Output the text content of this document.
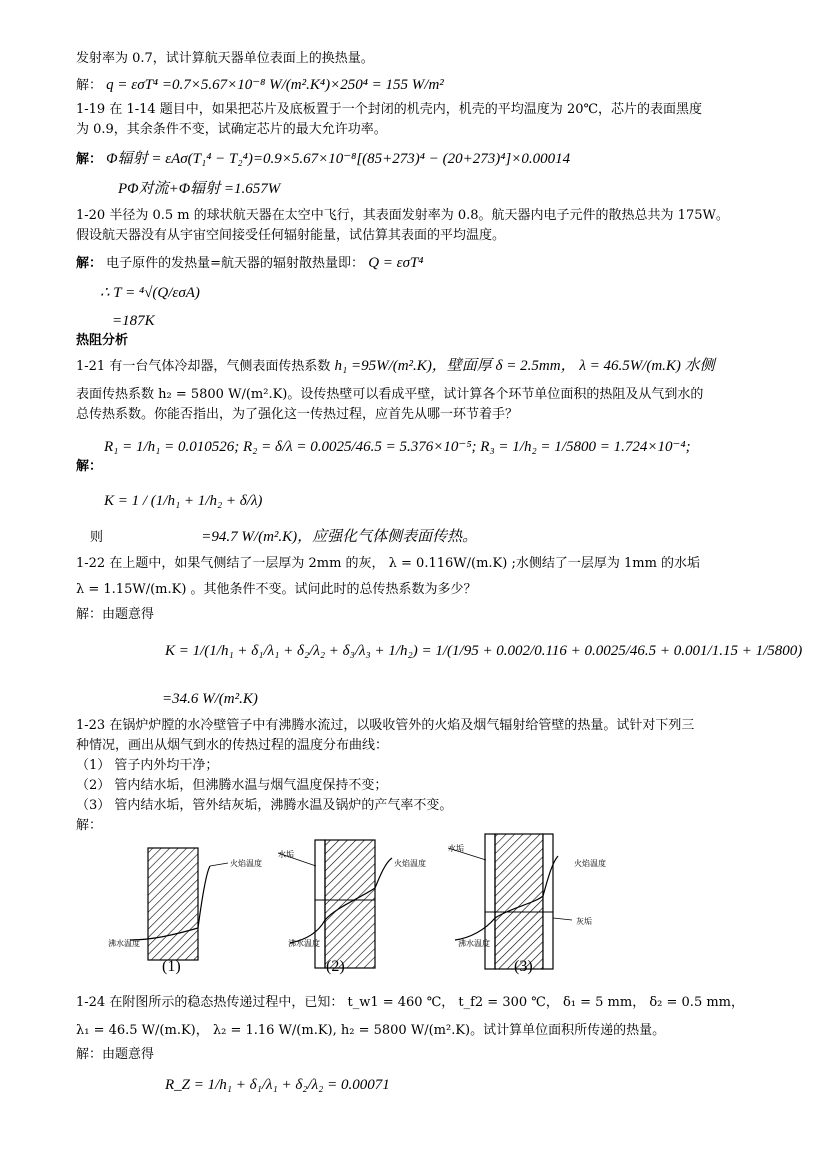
发射率为 0.7，试计算航天器单位表面上的换热量。
解： q = εσT⁴ =0.7×5.67×10⁻⁸ W/(m².K⁴)×250⁴ = 155 W/m²
1-19 在 1-14 题目中，如果把芯片及底板置于一个封闭的机壳内，机壳的平均温度为 20℃，芯片的表面黑度
为 0.9，其余条件不变，试确定芯片的最大允许功率。
解： Φ辐射 = εAσ(T₁⁴ − T₂⁴)=0.9×5.67×10⁻⁸[(85+273)⁴ − (20+273)⁴]×0.00014
PΦ对流+Φ辐射 =1.657W
1-20 半径为 0.5 m 的球状航天器在太空中飞行，其表面发射率为 0.8。航天器内电子元件的散热总共为 175W。
假设航天器没有从宇宙空间接受任何辐射能量，试估算其表面的平均温度。
解： 电子原件的发热量=航天器的辐射散热量即： Q = εσT⁴
∴ T = ⁴√(Q/εσA)
=187K
热阻分析
1-21 有一台气体冷却器，气侧表面传热系数 h₁ =95W/(m².K)，壁面厚 δ = 2.5mm， λ = 46.5W/(m.K) 水侧
表面传热系数 h₂ = 5800 W/(m².K)。设传热壁可以看成平壁，试计算各个环节单位面积的热阻及从气到水的
总传热系数。你能否指出，为了强化这一传热过程，应首先从哪一环节着手？
R₁ = 1/h₁ = 0.010526; R₂ = δ/λ = 0.0025/46.5 = 5.376×10⁻⁵; R₃ = 1/h₂ = 1/5800 = 1.724×10⁻⁴;
解：
K = 1 / (1/h₁ + 1/h₂ + δ/λ)
则	=94.7 W/(m².K)，应强化气体侧表面传热。
1-22 在上题中，如果气侧结了一层厚为 2mm 的灰， λ = 0.116W/(m.K) ;水侧结了一层厚为 1mm 的水垢
λ = 1.15W/(m.K) 。其他条件不变。试问此时的总传热系数为多少？
解：由题意得
K = 1/(1/h₁ + δ₁/λ₁ + δ₂/λ₂ + δ₃/λ₃ + 1/h₂) = 1/(1/95 + 0.002/0.116 + 0.0025/46.5 + 0.001/1.15 + 1/5800)
=34.6 W/(m².K)
1-23 在锅炉炉膛的水冷壁管子中有沸腾水流过，以吸收管外的火焰及烟气辐射给管壁的热量。试针对下列三
种情况，画出从烟气到水的传热过程的温度分布曲线：
（1） 管子内外均干净；
（2） 管内结水垢，但沸腾水温与烟气温度保持不变；
（3） 管内结水垢，管外结灰垢，沸腾水温及锅炉的产气率不变。
解：
火焰温度
沸水温度
水垢
火焰温度
沸水温度
水垢
火焰温度
灰垢
沸水温度
(1)	(2)	(3)
1-24 在附图所示的稳态热传递过程中，已知： t_w1 = 460 ℃， t_f2 = 300 ℃， δ₁ = 5 mm， δ₂ = 0.5 mm，
λ₁ = 46.5 W/(m.K)， λ₂ = 1.16 W/(m.K), h₂ = 5800 W/(m².K)。试计算单位面积所传递的热量。
解：由题意得
R_Z = 1/h₁ + δ₁/λ₁ + δ₂/λ₂ = 0.00071
